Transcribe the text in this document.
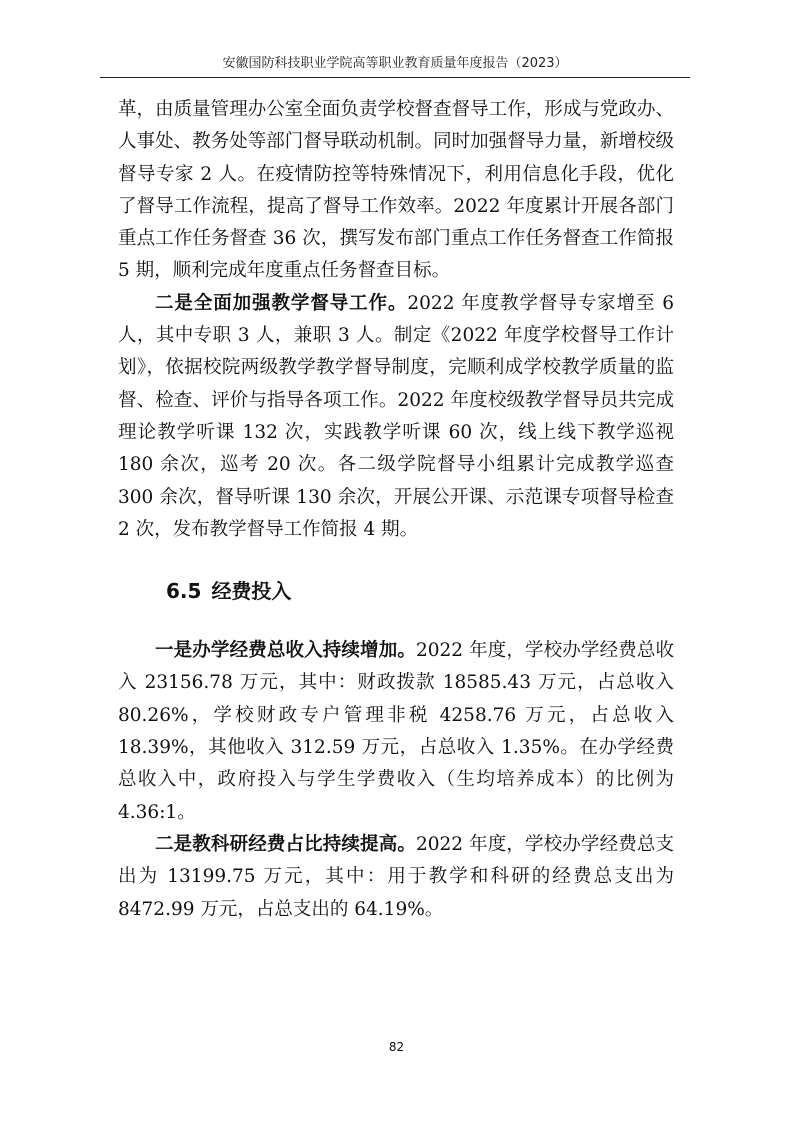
安徽国防科技职业学院高等职业教育质量年度报告（2023）

革，由质量管理办公室全面负责学校督查督导工作，形成与党政办、人事处、教务处等部门督导联动机制。同时加强督导力量，新增校级督导专家 2 人。在疫情防控等特殊情况下，利用信息化手段，优化了督导工作流程，提高了督导工作效率。2022 年度累计开展各部门重点工作任务督查 36 次，撰写发布部门重点工作任务督查工作简报 5 期，顺利完成年度重点任务督查目标。

二是全面加强教学督导工作。2022 年度教学督导专家增至 6 人，其中专职 3 人，兼职 3 人。制定《2022 年度学校督导工作计划》，依据校院两级教学教学督导制度，完顺利成学校教学质量的监督、检查、评价与指导各项工作。2022 年度校级教学督导员共完成理论教学听课 132 次，实践教学听课 60 次，线上线下教学巡视 180 余次，巡考 20 次。各二级学院督导小组累计完成教学巡查 300 余次，督导听课 130 余次，开展公开课、示范课专项督导检查 2 次，发布教学督导工作简报 4 期。

6.5 经费投入

一是办学经费总收入持续增加。2022 年度，学校办学经费总收入 23156.78 万元，其中：财政拨款 18585.43 万元，占总收入 80.26%，学校财政专户管理非税 4258.76 万元，占总收入 18.39%，其他收入 312.59 万元，占总收入 1.35%。在办学经费总收入中，政府投入与学生学费收入（生均培养成本）的比例为 4.36:1。

二是教科研经费占比持续提高。2022 年度，学校办学经费总支出为 13199.75 万元，其中：用于教学和科研的经费总支出为 8472.99 万元，占总支出的 64.19%。

82
